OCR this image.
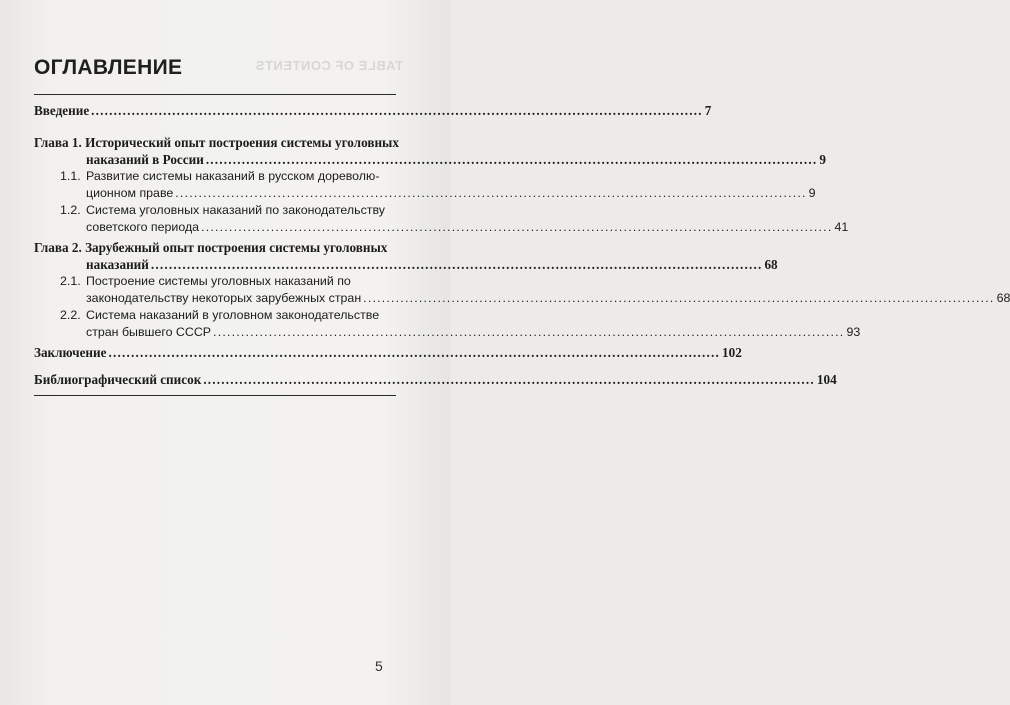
TABLE OF CONTENTS
ОГЛАВЛЕНИЕ
Введение ........................................................................................................................................ 7
Глава 1. Исторический опыт построения системы уголовных
наказаний в России ........................................................................................................................................ 9
1.1. Развитие системы наказаний в русском дореволю-
ционном праве ........................................................................................................................................ 9
1.2. Система уголовных наказаний по законодательству
советского периода ........................................................................................................................................ 41
Глава 2. Зарубежный опыт построения системы уголовных
наказаний ........................................................................................................................................ 68
2.1. Построение системы уголовных наказаний по
законодательству некоторых зарубежных стран ........................................................................................................................................ 68
2.2. Система наказаний в уголовном законодательстве
стран бывшего СССР ........................................................................................................................................ 93
Заключение ........................................................................................................................................ 102
Библиографический список ........................................................................................................................................ 104
5
